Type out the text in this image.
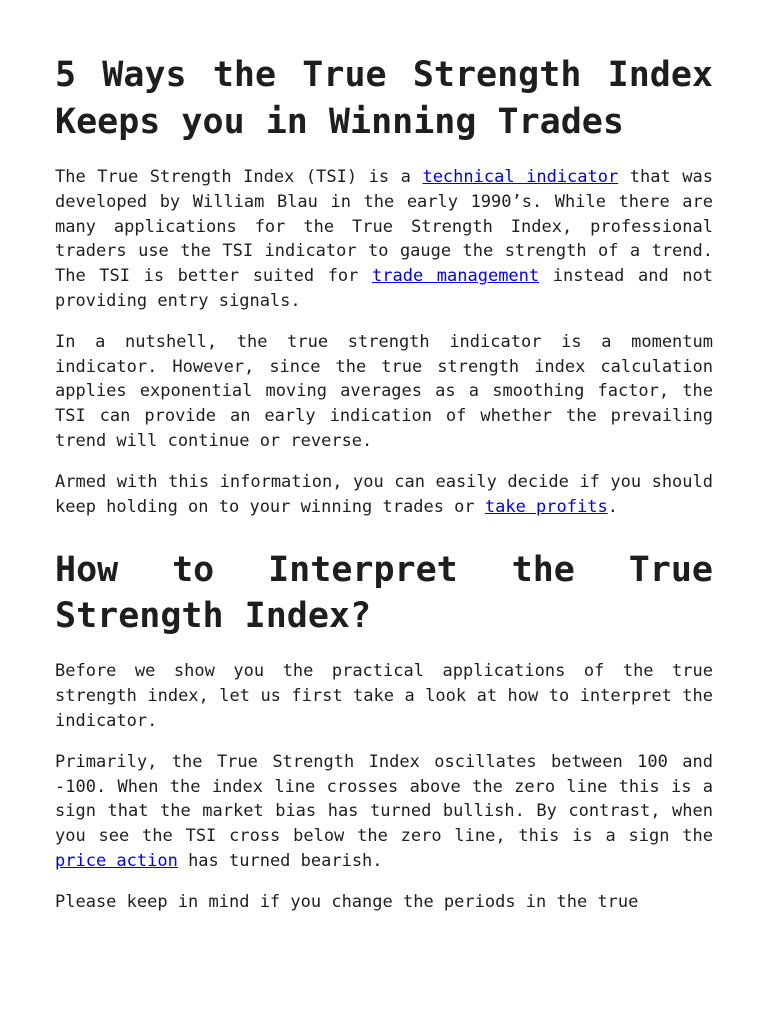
5 Ways the True Strength Index Keeps you in Winning Trades

The True Strength Index (TSI) is a technical indicator that was developed by William Blau in the early 1990’s. While there are many applications for the True Strength Index, professional traders use the TSI indicator to gauge the strength of a trend. The TSI is better suited for trade management instead and not providing entry signals.

In a nutshell, the true strength indicator is a momentum indicator. However, since the true strength index calculation applies exponential moving averages as a smoothing factor, the TSI can provide an early indication of whether the prevailing trend will continue or reverse.

Armed with this information, you can easily decide if you should keep holding on to your winning trades or take profits.

How to Interpret the True Strength Index?

Before we show you the practical applications of the true strength index, let us first take a look at how to interpret the indicator.

Primarily, the True Strength Index oscillates between 100 and -100. When the index line crosses above the zero line this is a sign that the market bias has turned bullish. By contrast, when you see the TSI cross below the zero line, this is a sign the price action has turned bearish.

Please keep in mind if you change the periods in the true
